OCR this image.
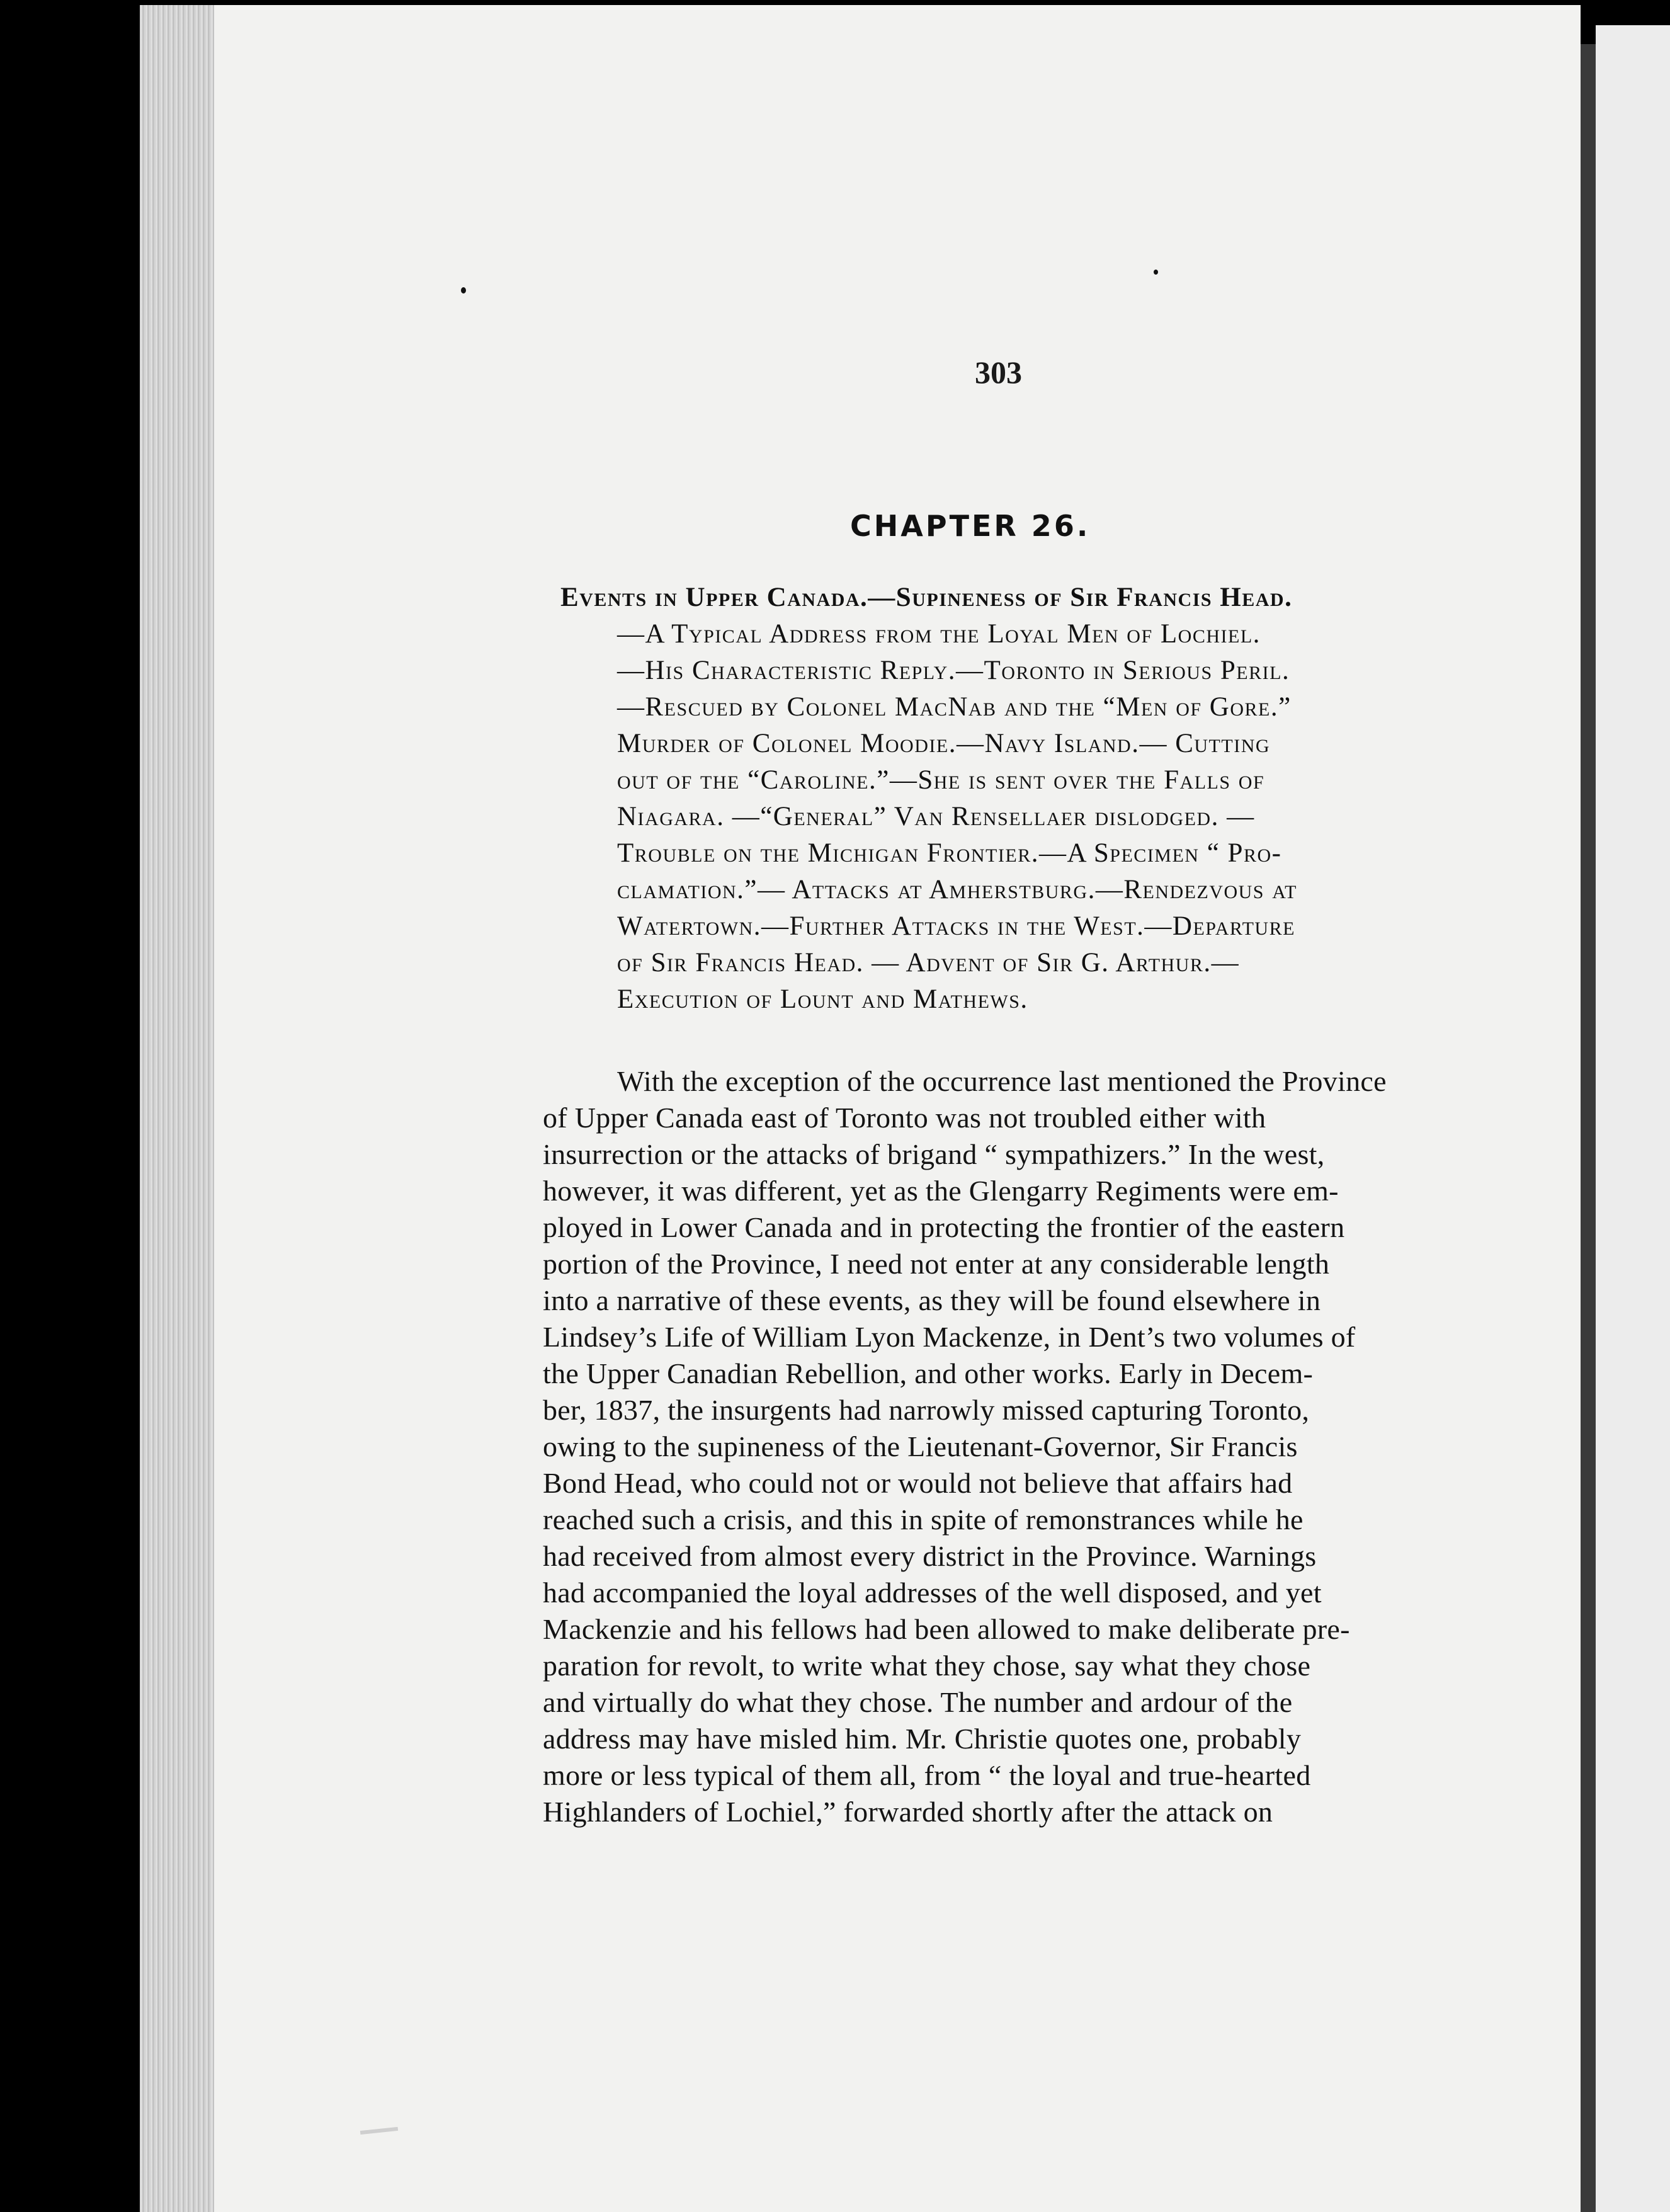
303
CHAPTER 26.
Events in Upper Canada.—Supineness of Sir Francis Head.
—A Typical Address from the Loyal Men of Lochiel.
—His Characteristic Reply.—Toronto in Serious Peril.
—Rescued by Colonel MacNab and the “Men of Gore.”
Murder of Colonel Moodie.—Navy Island.— Cutting
out of the “Caroline.”—She is sent over the Falls of
Niagara. —“General” Van Rensellaer dislodged. —
Trouble on the Michigan Frontier.—A Specimen “ Pro-
clamation.”— Attacks at Amherstburg.—Rendezvous at
Watertown.—Further Attacks in the West.—Departure
of Sir Francis Head. — Advent of Sir G. Arthur.—
Execution of Lount and Mathews.
With the exception of the occurrence last mentioned the Province
of Upper Canada east of Toronto was not troubled either with
insurrection or the attacks of brigand “ sympathizers.” In the west,
however, it was different, yet as the Glengarry Regiments were em-
ployed in Lower Canada and in protecting the frontier of the eastern
portion of the Province, I need not enter at any considerable length
into a narrative of these events, as they will be found elsewhere in
Lindsey’s Life of William Lyon Mackenze, in Dent’s two volumes of
the Upper Canadian Rebellion, and other works. Early in Decem-
ber, 1837, the insurgents had narrowly missed capturing Toronto,
owing to the supineness of the Lieutenant-Governor, Sir Francis
Bond Head, who could not or would not believe that affairs had
reached such a crisis, and this in spite of remonstrances while he
had received from almost every district in the Province. Warnings
had accompanied the loyal addresses of the well disposed, and yet
Mackenzie and his fellows had been allowed to make deliberate pre-
paration for revolt, to write what they chose, say what they chose
and virtually do what they chose. The number and ardour of the
address may have misled him. Mr. Christie quotes one, probably
more or less typical of them all, from “ the loyal and true-hearted
Highlanders of Lochiel,” forwarded shortly after the attack on
